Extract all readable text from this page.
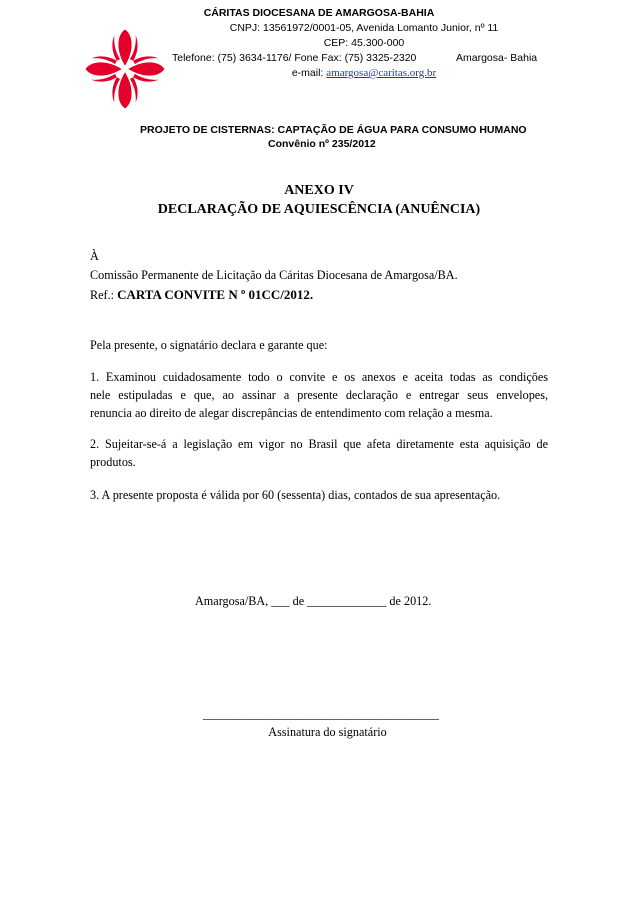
CÁRITAS DIOCESANA DE AMARGOSA-BAHIA
CNPJ: 13561972/0001-05, Avenida Lomanto Junior, nº 11
CEP: 45.300-000
Telefone: (75) 3634-1176/ Fone Fax: (75) 3325-2320	Amargosa- Bahia
e-mail: amargosa@caritas.org.br
PROJETO DE CISTERNAS: CAPTAÇÃO DE ÁGUA PARA CONSUMO HUMANO
Convênio nº 235/2012
ANEXO IV
DECLARAÇÃO DE AQUIESCÊNCIA (ANUÊNCIA)
À
Comissão Permanente de Licitação da Cáritas Diocesana de Amargosa/BA.
Ref.: CARTA CONVITE N º 01CC/2012.
Pela presente, o signatário declara e garante que:
1. Examinou cuidadosamente todo o convite e os anexos e aceita todas as condições
nele estipuladas e que, ao assinar a presente declaração e entregar seus envelopes,
renuncia ao direito de alegar discrepâncias de entendimento com relação a mesma.
2. Sujeitar-se-á a legislação em vigor no Brasil que afeta diretamente esta aquisição de
produtos.
3. A presente proposta é válida por 60 (sessenta) dias, contados de sua apresentação.
Amargosa/BA, ___ de _____________ de 2012.
________________________________________
Assinatura do signatário
